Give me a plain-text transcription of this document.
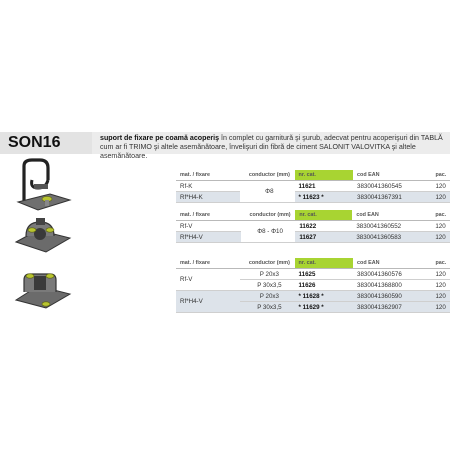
SON16	suport de fixare pe coamă acoperiş în complet cu garnitură şi şurub, adecvat pentru acoperişuri din TABLĂ cum ar fi TRIMO şi altele asemănătoare, învelişuri din fibră de ciment SALONIT VALOVITKA şi altele asemănătoare.
mat. / fixare	conductor (mm)	nr. cat.	cod EAN	pac.
Rf-K	Φ8	11621	3830041360545	120
Rf*H4-K		* 11623 *	3830041367391	120
mat. / fixare	conductor (mm)	nr. cat.	cod EAN	pac.
Rf-V	Φ8 - Φ10	11622	3830041360552	120
Rf*H4-V		11627	3830041360583	120
mat. / fixare	conductor (mm)	nr. cat.	cod EAN	pac.
Rf-V	P 20x3	11625	3830041360576	120
	P 30x3,5	11626	3830041368800	120
Rf*H4-V	P 20x3	* 11628 *	3830041360590	120
	P 30x3,5	* 11629 *	3830041362907	120
